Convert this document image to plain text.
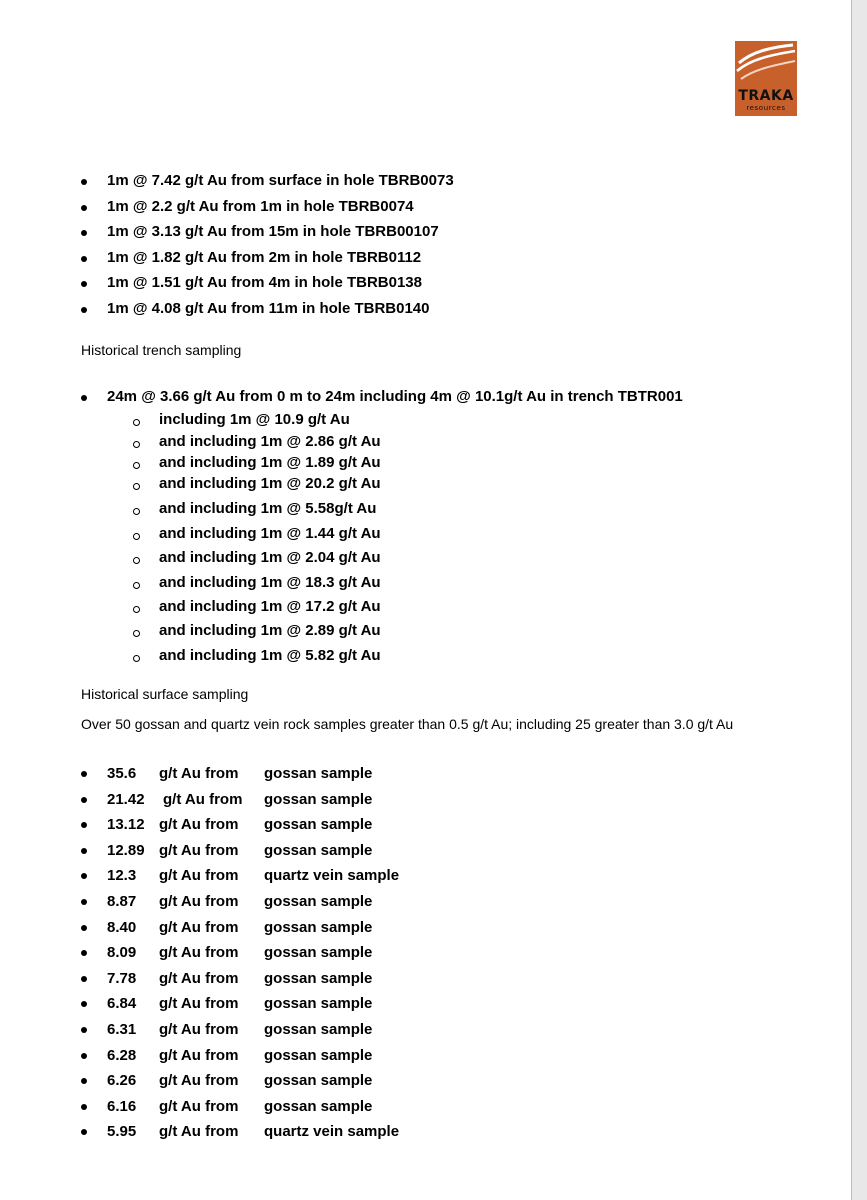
TRAKA
resources
1m @ 7.42 g/t Au from surface in hole TBRB0073
1m @ 2.2 g/t Au from 1m in hole TBRB0074
1m @ 3.13 g/t Au from 15m in hole TBRB00107
1m @ 1.82 g/t Au from 2m in hole TBRB0112
1m @ 1.51 g/t Au from 4m in hole TBRB0138
1m @ 4.08 g/t Au from 11m in hole TBRB0140
Historical trench sampling
24m @ 3.66 g/t Au from 0 m to 24m including 4m @ 10.1g/t Au in trench TBTR001
including 1m @ 10.9 g/t Au
and including 1m @ 2.86 g/t Au
and including 1m @ 1.89 g/t Au
and including 1m @ 20.2 g/t Au
and including 1m @ 5.58g/t Au
and including 1m @ 1.44 g/t Au
and including 1m @ 2.04 g/t Au
and including 1m @ 18.3 g/t Au
and including 1m @ 17.2 g/t Au
and including 1m @ 2.89 g/t Au
and including 1m @ 5.82 g/t Au
Historical surface sampling
Over 50 gossan and quartz vein rock samples greater than 0.5 g/t Au; including 25 greater than 3.0 g/t Au
35.6 g/t Au from gossan sample
21.42 g/t Au from gossan sample
13.12 g/t Au from gossan sample
12.89 g/t Au from gossan sample
12.3 g/t Au from quartz vein sample
8.87 g/t Au from gossan sample
8.40 g/t Au from gossan sample
8.09 g/t Au from gossan sample
7.78 g/t Au from gossan sample
6.84 g/t Au from gossan sample
6.31 g/t Au from gossan sample
6.28 g/t Au from gossan sample
6.26 g/t Au from gossan sample
6.16 g/t Au from gossan sample
5.95 g/t Au from quartz vein sample
